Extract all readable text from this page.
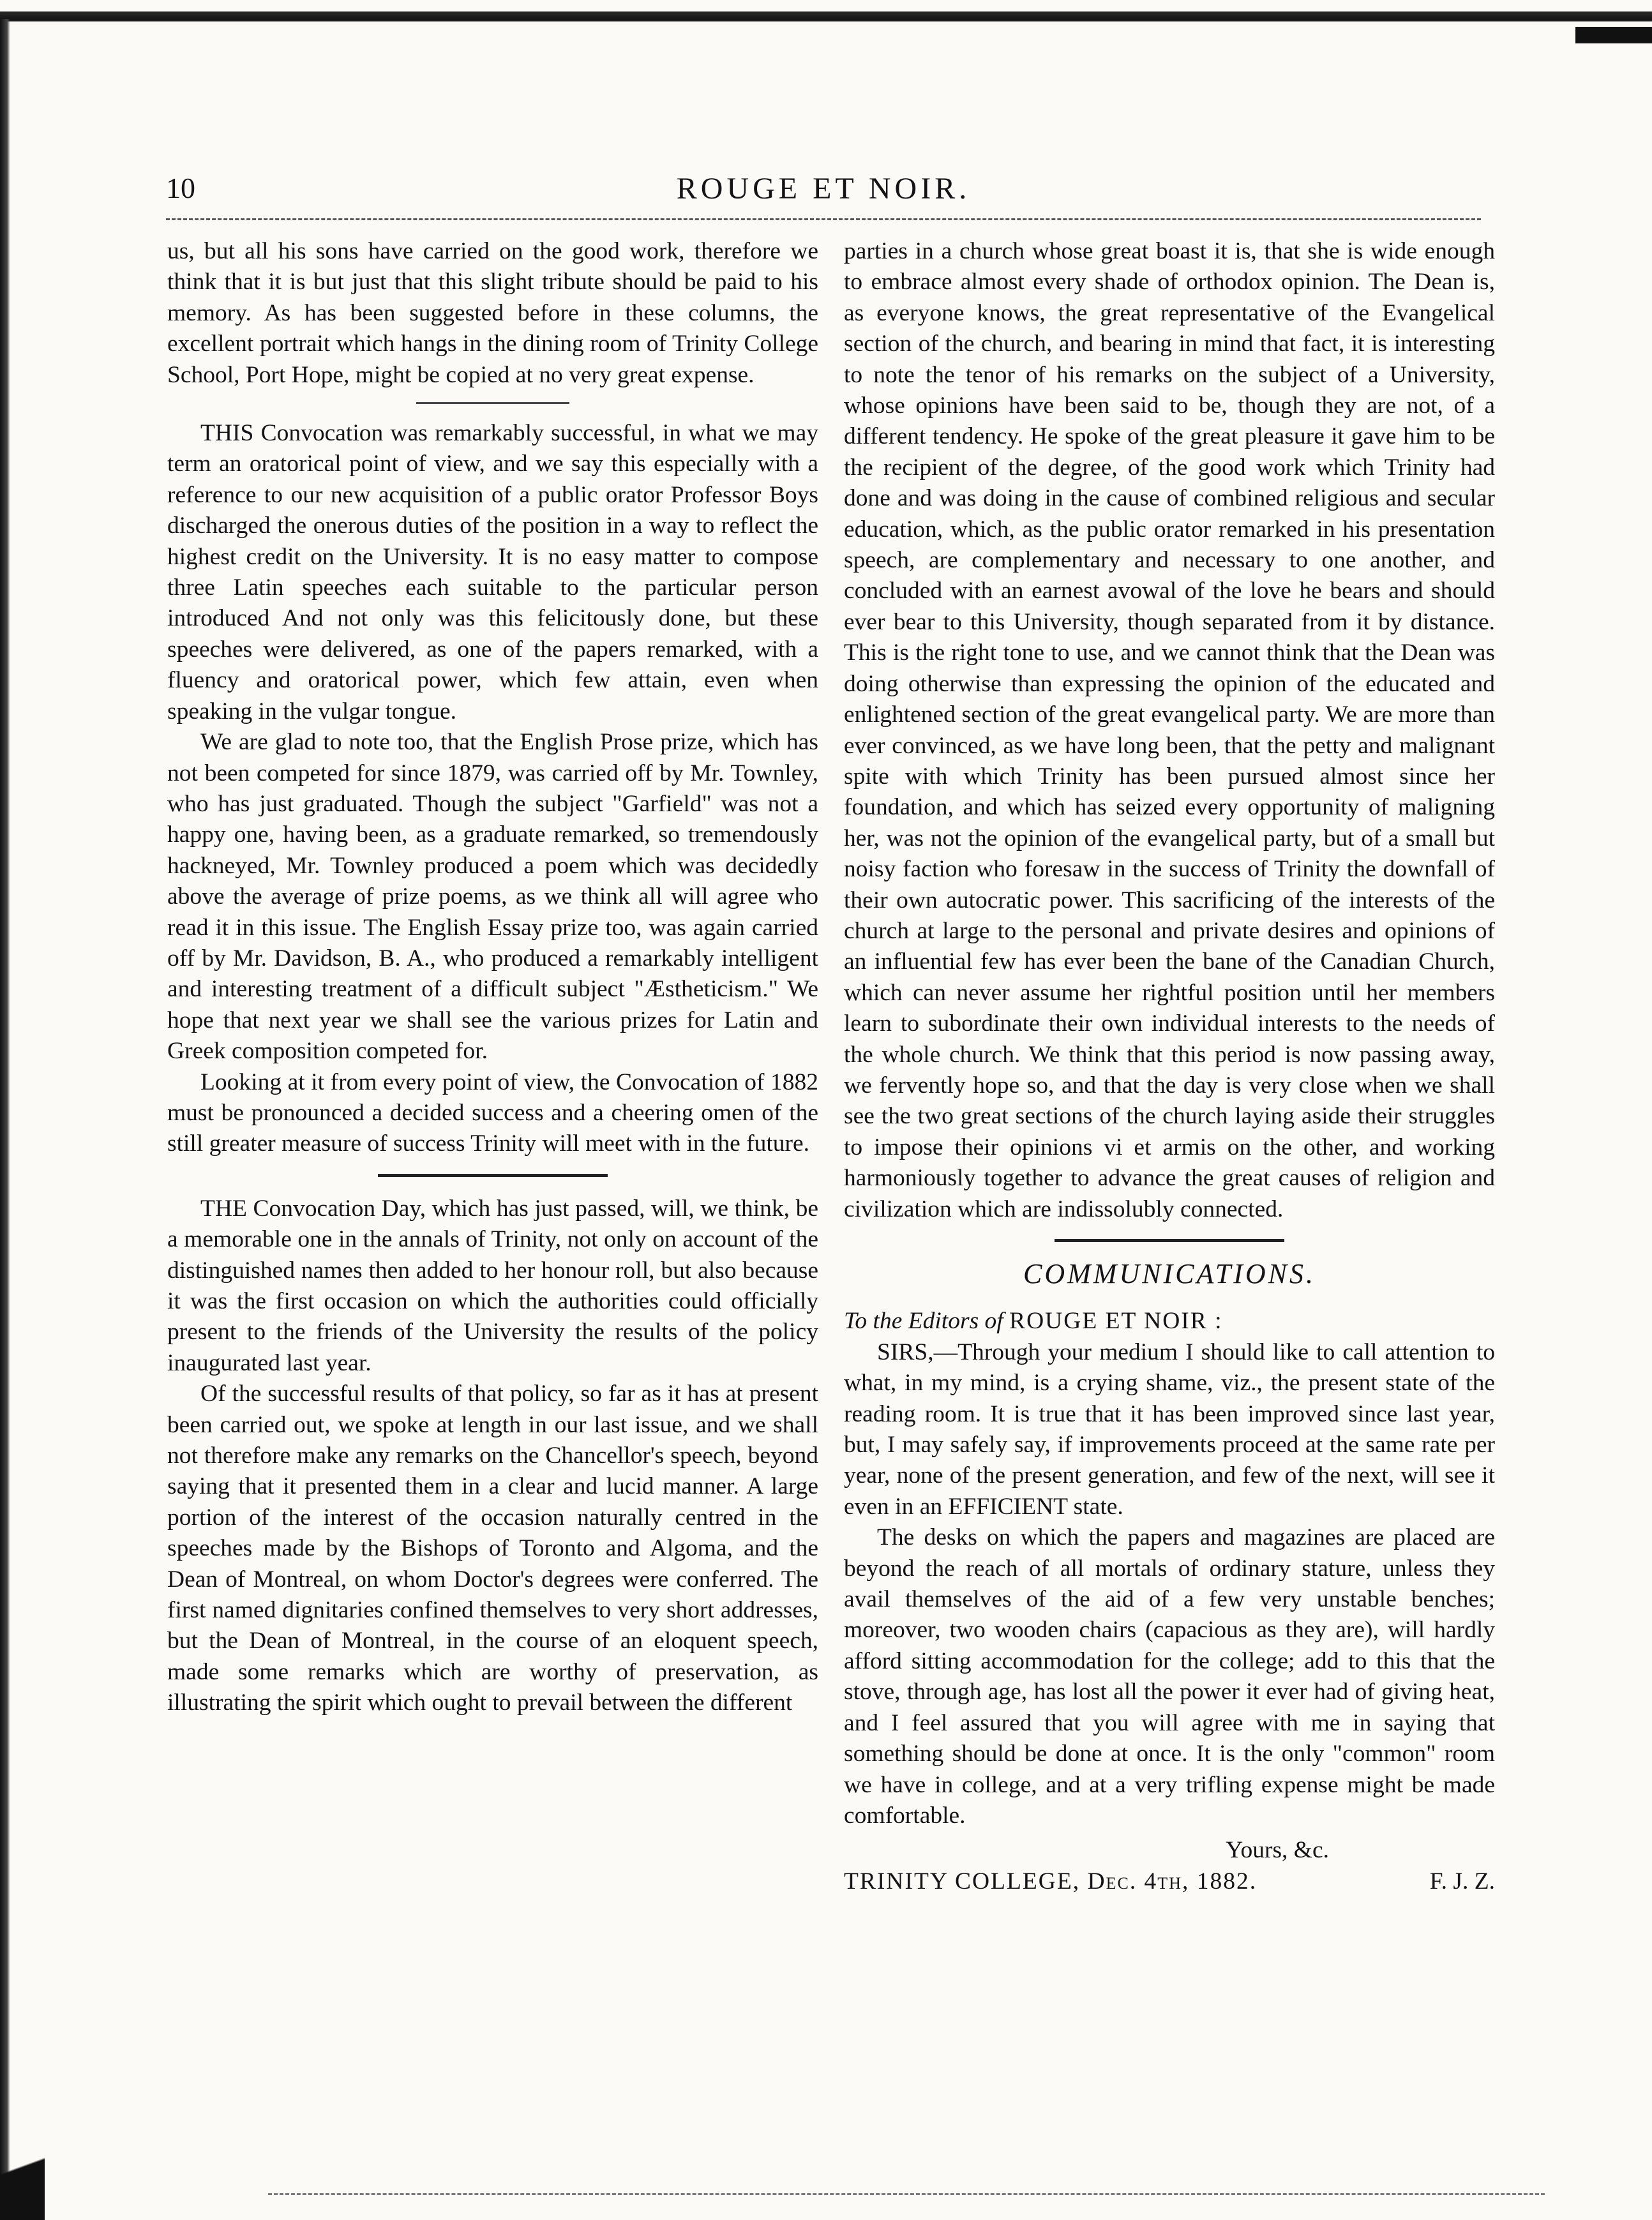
10	ROUGE ET NOIR.

us, but all his sons have carried on the good work, therefore we think that it is but just that this slight tribute should be paid to his memory. As has been suggested before in these columns, the excellent portrait which hangs in the dining room of Trinity College School, Port Hope, might be copied at no very great expense.

THIS Convocation was remarkably successful, in what we may term an oratorical point of view, and we say this especially with a reference to our new acquisition of a public orator Professor Boys discharged the onerous duties of the position in a way to reflect the highest credit on the University. It is no easy matter to compose three Latin speeches each suitable to the particular person introduced And not only was this felicitously done, but these speeches were delivered, as one of the papers remarked, with a fluency and oratorical power, which few attain, even when speaking in the vulgar tongue.

We are glad to note too, that the English Prose prize, which has not been competed for since 1879, was carried off by Mr. Townley, who has just graduated. Though the subject "Garfield" was not a happy one, having been, as a graduate remarked, so tremendously hackneyed, Mr. Townley produced a poem which was decidedly above the average of prize poems, as we think all will agree who read it in this issue. The English Essay prize too, was again carried off by Mr. Davidson, B. A., who produced a remarkably intelligent and interesting treatment of a difficult subject "Æstheticism." We hope that next year we shall see the various prizes for Latin and Greek composition competed for.

Looking at it from every point of view, the Convocation of 1882 must be pronounced a decided success and a cheering omen of the still greater measure of success Trinity will meet with in the future.

THE Convocation Day, which has just passed, will, we think, be a memorable one in the annals of Trinity, not only on account of the distinguished names then added to her honour roll, but also because it was the first occasion on which the authorities could officially present to the friends of the University the results of the policy inaugurated last year.

Of the successful results of that policy, so far as it has at present been carried out, we spoke at length in our last issue, and we shall not therefore make any remarks on the Chancellor's speech, beyond saying that it presented them in a clear and lucid manner. A large portion of the interest of the occasion naturally centred in the speeches made by the Bishops of Toronto and Algoma, and the Dean of Montreal, on whom Doctor's degrees were conferred. The first named dignitaries confined themselves to very short addresses, but the Dean of Montreal, in the course of an eloquent speech, made some remarks which are worthy of preservation, as illustrating the spirit which ought to prevail between the different

parties in a church whose great boast it is, that she is wide enough to embrace almost every shade of orthodox opinion. The Dean is, as everyone knows, the great representative of the Evangelical section of the church, and bearing in mind that fact, it is interesting to note the tenor of his remarks on the subject of a University, whose opinions have been said to be, though they are not, of a different tendency. He spoke of the great pleasure it gave him to be the recipient of the degree, of the good work which Trinity had done and was doing in the cause of combined religious and secular education, which, as the public orator remarked in his presentation speech, are complementary and necessary to one another, and concluded with an earnest avowal of the love he bears and should ever bear to this University, though separated from it by distance. This is the right tone to use, and we cannot think that the Dean was doing otherwise than expressing the opinion of the educated and enlightened section of the great evangelical party. We are more than ever convinced, as we have long been, that the petty and malignant spite with which Trinity has been pursued almost since her foundation, and which has seized every opportunity of maligning her, was not the opinion of the evangelical party, but of a small but noisy faction who foresaw in the success of Trinity the downfall of their own autocratic power. This sacrificing of the interests of the church at large to the personal and private desires and opinions of an influential few has ever been the bane of the Canadian Church, which can never assume her rightful position until her members learn to subordinate their own individual interests to the needs of the whole church. We think that this period is now passing away, we fervently hope so, and that the day is very close when we shall see the two great sections of the church laying aside their struggles to impose their opinions vi et armis on the other, and working harmoniously together to advance the great causes of religion and civilization which are indissolubly connected.

COMMUNICATIONS.

To the Editors of ROUGE ET NOIR :

SIRS,—Through your medium I should like to call attention to what, in my mind, is a crying shame, viz., the present state of the reading room. It is true that it has been improved since last year, but, I may safely say, if improvements proceed at the same rate per year, none of the present generation, and few of the next, will see it even in an EFFICIENT state.

The desks on which the papers and magazines are placed are beyond the reach of all mortals of ordinary stature, unless they avail themselves of the aid of a few very unstable benches; moreover, two wooden chairs (capacious as they are), will hardly afford sitting accommodation for the college; add to this that the stove, through age, has lost all the power it ever had of giving heat, and I feel assured that you will agree with me in saying that something should be done at once. It is the only "common" room we have in college, and at a very trifling expense might be made comfortable.

Yours, &c.
TRINITY COLLEGE, Dec. 4th, 1882.	F. J. Z.
